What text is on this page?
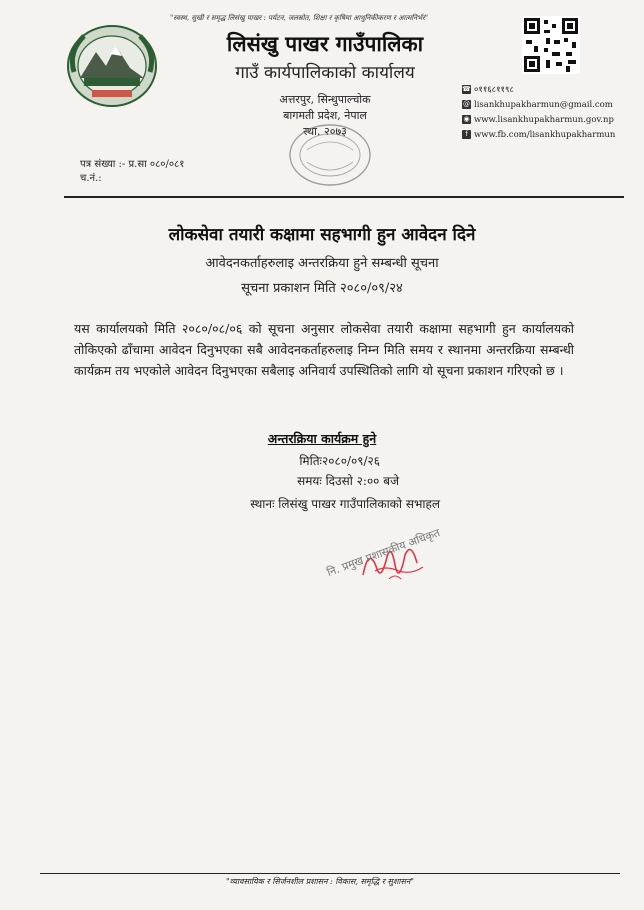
"स्वस्थ, सुखी र समृद्ध लिसंखु पाखर : पर्यटन, जलस्रोत, शिक्षा र कृषिमा आधुनिकीकरण र आत्मनिर्भर"
लिसंखु पाखर गाउँपालिका
गाउँ कार्यपालिकाको कार्यालय
अत्तरपुर, सिन्धुपाल्चोक
बागमती प्रदेश, नेपाल
स्था. २०७३
☎ ०११६८११९८
@ lisankhupakharmun@gmail.com
◉ www.lisankhupakharmun.gov.np
f www.fb.com/lisankhupakharmun
पत्र संख्या :- प्र.सा ०८०/०८१
च.नं.:
लोकसेवा तयारी कक्षामा सहभागी हुन आवेदन दिने
आवेदनकर्ताहरुलाइ अन्तरक्रिया हुने सम्बन्धी सूचना
सूचना प्रकाशन मिति २०८०/०९/२४
यस कार्यालयको मिति २०८०/०८/०६ को सूचना अनुसार लोकसेवा तयारी कक्षामा सहभागी हुन कार्यालयको तोकिएको ढाँचामा आवेदन दिनुभएका सबै आवेदनकर्ताहरुलाइ निम्न मिति समय र स्थानमा अन्तरक्रिया सम्बन्धी कार्यक्रम तय भएकोले आवेदन दिनुभएका सबैलाइ अनिवार्य उपस्थितिको लागि यो सूचना प्रकाशन गरिएको छ ।
अन्तरक्रिया कार्यक्रम हुने
मितिः२०८०/०९/२६
समयः दिउसो २:०० बजे
स्थानः लिसंखु पाखर गाउँपालिकाको सभाहल
नि. प्रमुख प्रशासकीय अधिकृत
"व्यावसायिक र सिर्जनशील प्रशासन : विकास, समृद्धि र सुशासन"
